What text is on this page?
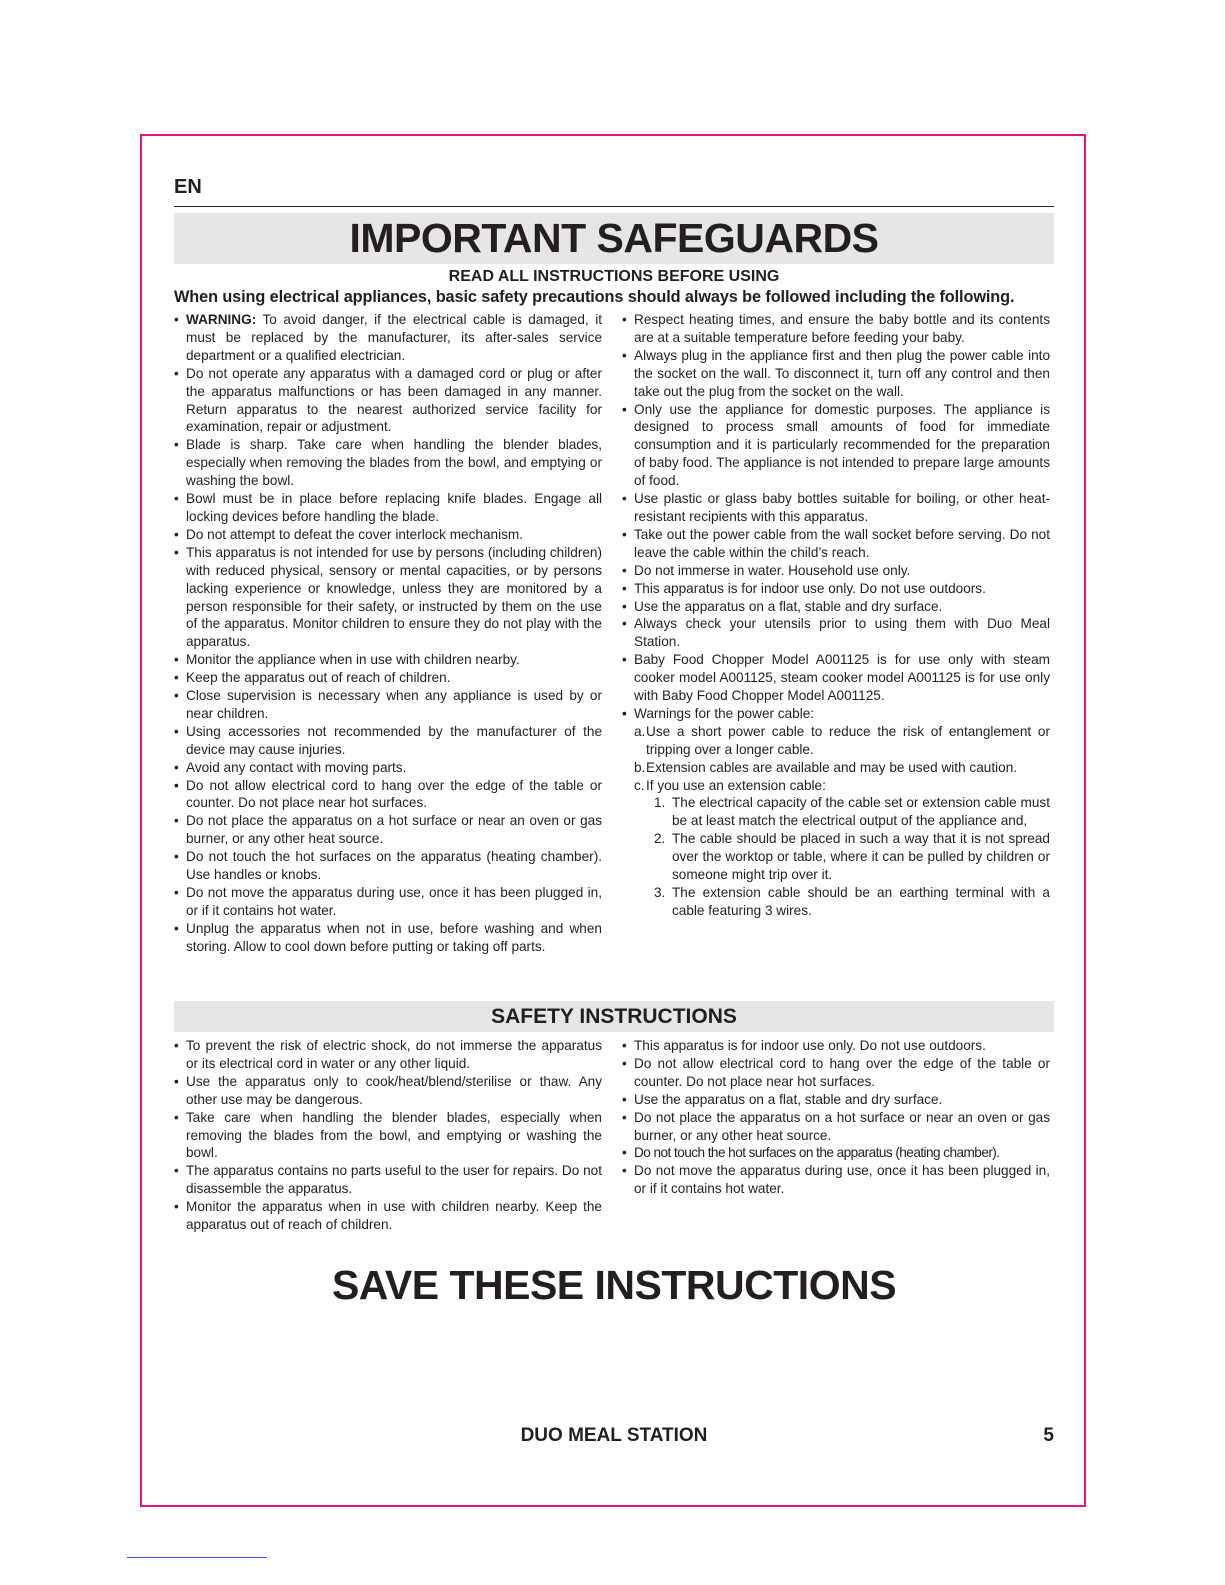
EN
IMPORTANT SAFEGUARDS
READ ALL INSTRUCTIONS BEFORE USING
When using electrical appliances, basic safety precautions should always be followed including the following.
• WARNING: To avoid danger, if the electrical cable is damaged, it must be replaced by the manufacturer, its after-sales service department or a qualified electrician.
• Do not operate any apparatus with a damaged cord or plug or after the apparatus malfunctions or has been damaged in any manner. Return apparatus to the nearest authorized service facility for examination, repair or adjustment.
• Blade is sharp. Take care when handling the blender blades, especially when removing the blades from the bowl, and emptying or washing the bowl.
• Bowl must be in place before replacing knife blades. Engage all locking devices before handling the blade.
• Do not attempt to defeat the cover interlock mechanism.
• This apparatus is not intended for use by persons (including children) with reduced physical, sensory or mental capacities, or by persons lacking experience or knowledge, unless they are monitored by a person responsible for their safety, or instructed by them on the use of the apparatus. Monitor children to ensure they do not play with the apparatus.
• Monitor the appliance when in use with children nearby.
• Keep the apparatus out of reach of children.
• Close supervision is necessary when any appliance is used by or near children.
• Using accessories not recommended by the manufacturer of the device may cause injuries.
• Avoid any contact with moving parts.
• Do not allow electrical cord to hang over the edge of the table or counter. Do not place near hot surfaces.
• Do not place the apparatus on a hot surface or near an oven or gas burner, or any other heat source.
• Do not touch the hot surfaces on the apparatus (heating chamber). Use handles or knobs.
• Do not move the apparatus during use, once it has been plugged in, or if it contains hot water.
• Unplug the apparatus when not in use, before washing and when storing. Allow to cool down before putting or taking off parts.
• Respect heating times, and ensure the baby bottle and its contents are at a suitable temperature before feeding your baby.
• Always plug in the appliance first and then plug the power cable into the socket on the wall. To disconnect it, turn off any control and then take out the plug from the socket on the wall.
• Only use the appliance for domestic purposes. The appliance is designed to process small amounts of food for immediate consumption and it is particularly recommended for the preparation of baby food. The appliance is not intended to prepare large amounts of food.
• Use plastic or glass baby bottles suitable for boiling, or other heat-resistant recipients with this apparatus.
• Take out the power cable from the wall socket before serving. Do not leave the cable within the child’s reach.
• Do not immerse in water. Household use only.
• This apparatus is for indoor use only. Do not use outdoors.
• Use the apparatus on a flat, stable and dry surface.
• Always check your utensils prior to using them with Duo Meal Station.
• Baby Food Chopper Model A001125 is for use only with steam cooker model A001125, steam cooker model A001125 is for use only with Baby Food Chopper Model A001125.
• Warnings for the power cable:
a. Use a short power cable to reduce the risk of entanglement or tripping over a longer cable.
b. Extension cables are available and may be used with caution.
c. If you use an extension cable:
1. The electrical capacity of the cable set or extension cable must be at least match the electrical output of the appliance and,
2. The cable should be placed in such a way that it is not spread over the worktop or table, where it can be pulled by children or someone might trip over it.
3. The extension cable should be an earthing terminal with a cable featuring 3 wires.
SAFETY INSTRUCTIONS
• To prevent the risk of electric shock, do not immerse the apparatus or its electrical cord in water or any other liquid.
• Use the apparatus only to cook/heat/blend/sterilise or thaw. Any other use may be dangerous.
• Take care when handling the blender blades, especially when removing the blades from the bowl, and emptying or washing the bowl.
• The apparatus contains no parts useful to the user for repairs. Do not disassemble the apparatus.
• Monitor the apparatus when in use with children nearby. Keep the apparatus out of reach of children.
• This apparatus is for indoor use only. Do not use outdoors.
• Do not allow electrical cord to hang over the edge of the table or counter. Do not place near hot surfaces.
• Use the apparatus on a flat, stable and dry surface.
• Do not place the apparatus on a hot surface or near an oven or gas burner, or any other heat source.
• Do not touch the hot surfaces on the apparatus (heating chamber).
• Do not move the apparatus during use, once it has been plugged in, or if it contains hot water.
SAVE THESE INSTRUCTIONS
DUO MEAL STATION	5
